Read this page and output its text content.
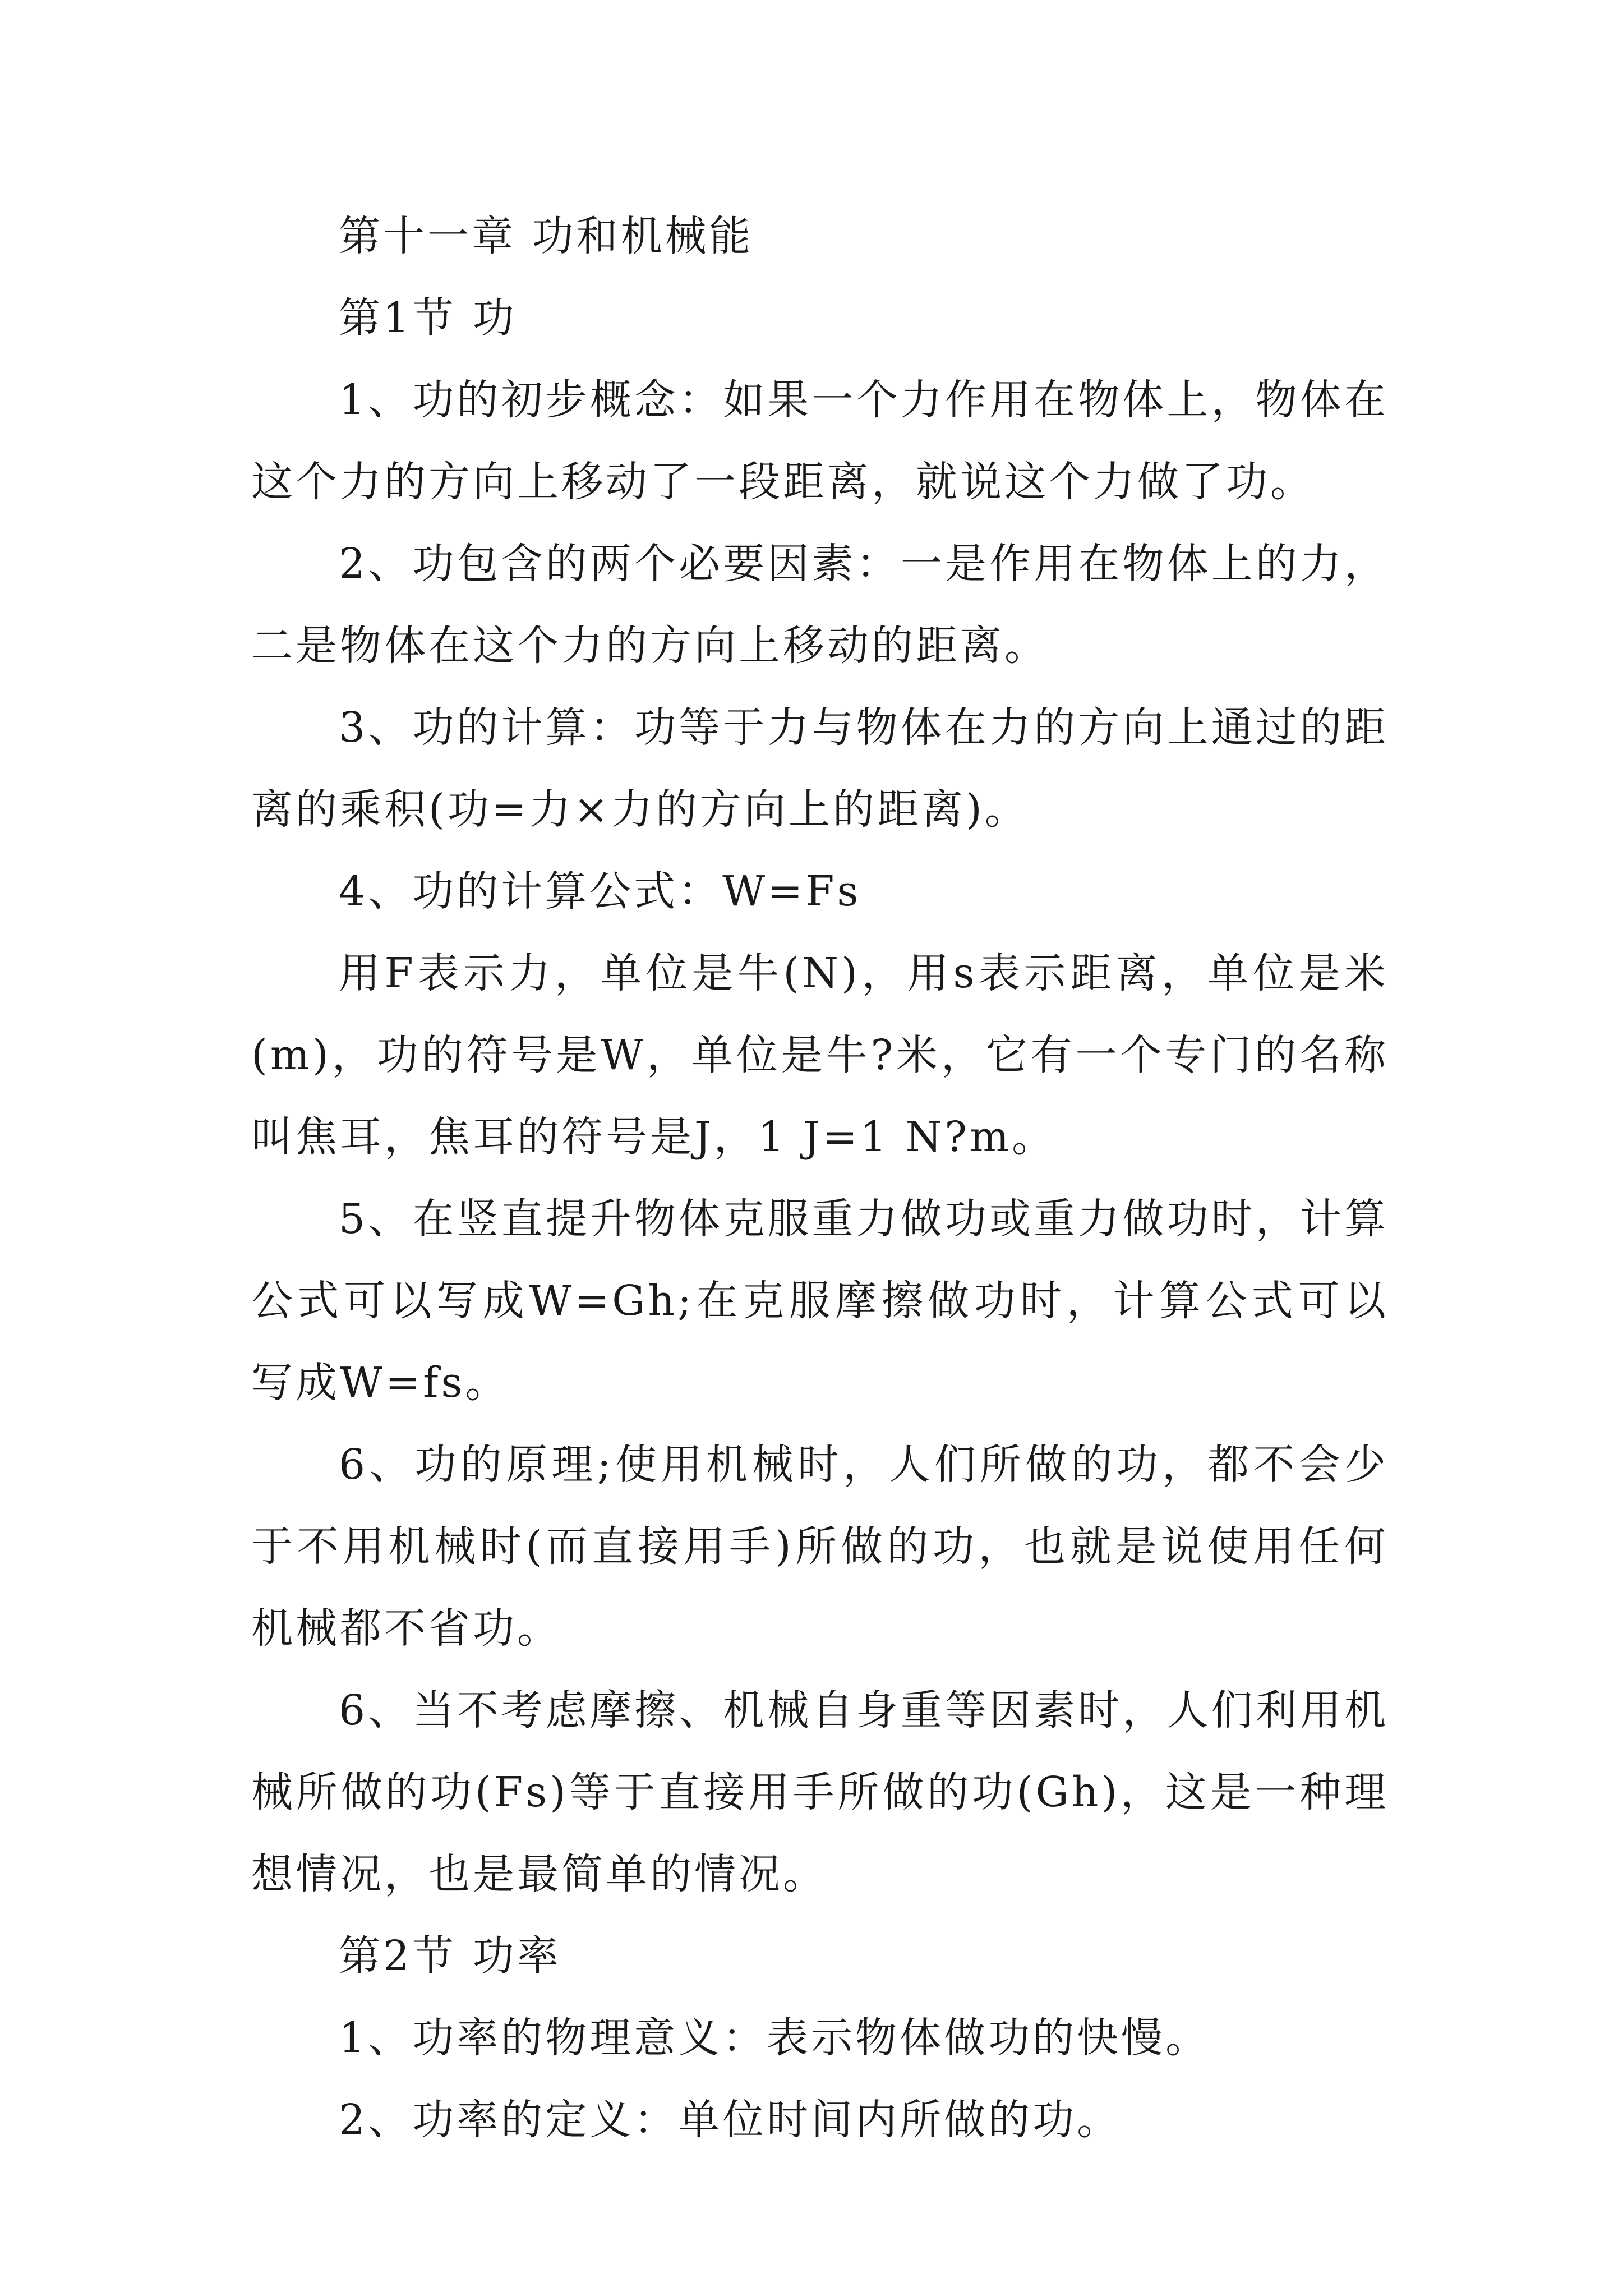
第十一章 功和机械能

第1节 功

1、功的初步概念：如果一个力作用在物体上，物体在这个力的方向上移动了一段距离，就说这个力做了功。

2、功包含的两个必要因素：一是作用在物体上的力，二是物体在这个力的方向上移动的距离。

3、功的计算：功等于力与物体在力的方向上通过的距离的乘积(功=力×力的方向上的距离)。

4、功的计算公式：W=Fs

用F表示力，单位是牛(N)，用s表示距离，单位是米(m)，功的符号是W，单位是牛?米，它有一个专门的名称叫焦耳，焦耳的符号是J，1 J=1 N?m。

5、在竖直提升物体克服重力做功或重力做功时，计算公式可以写成W=Gh;在克服摩擦做功时，计算公式可以写成W=fs。

6、功的原理;使用机械时，人们所做的功，都不会少于不用机械时(而直接用手)所做的功，也就是说使用任何机械都不省功。

6、当不考虑摩擦、机械自身重等因素时，人们利用机械所做的功(Fs)等于直接用手所做的功(Gh)，这是一种理想情况，也是最简单的情况。

第2节 功率

1、功率的物理意义：表示物体做功的快慢。

2、功率的定义：单位时间内所做的功。
